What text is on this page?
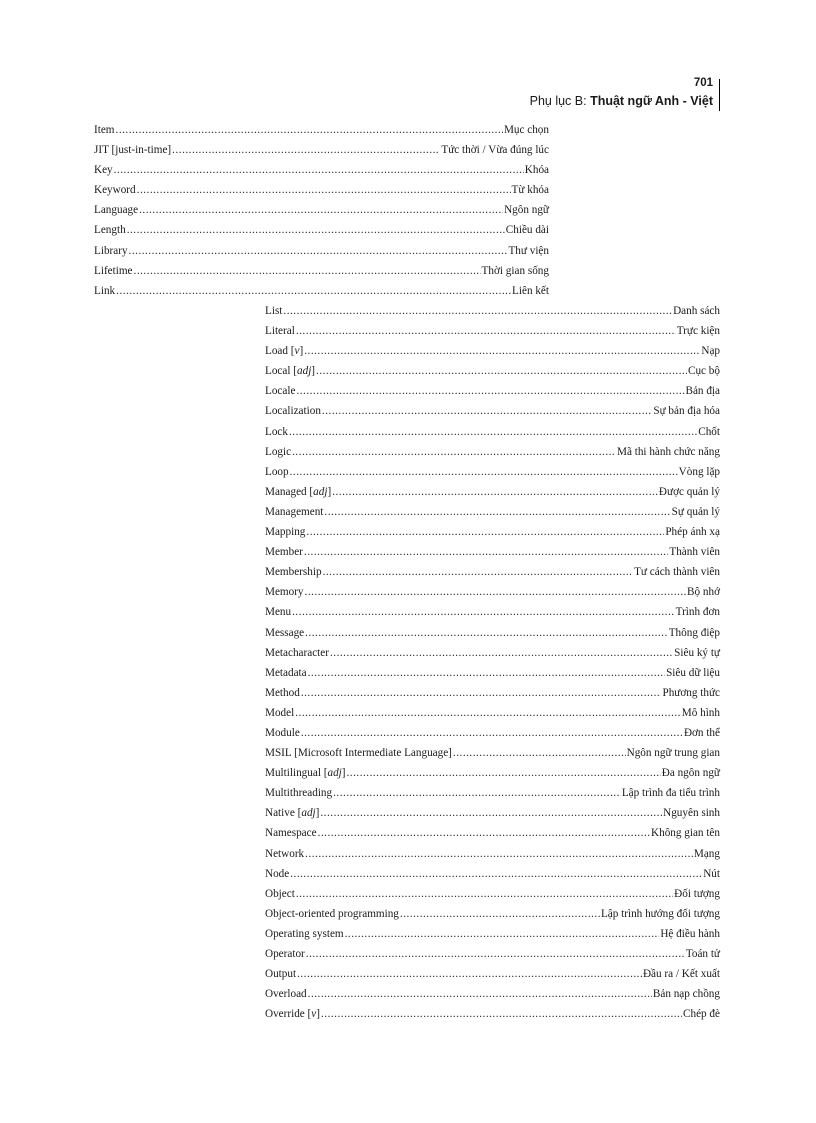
701
Phụ lục B: Thuật ngữ Anh - Việt
Item .....	Mục chọn
JIT [just-in-time] .....	Tức thời / Vừa đúng lúc
Key .....	Khóa
Keyword .....	Từ khóa
Language .....	Ngôn ngữ
Length .....	Chiều dài
Library .....	Thư viện
Lifetime .....	Thời gian sống
Link .....	Liên kết
List .....	Danh sách
Literal .....	Trực kiện
Load [v] .....	Nạp
Local [adj] .....	Cục bộ
Locale .....	Bản địa
Localization .....	Sự bản địa hóa
Lock .....	Chốt
Logic .....	Mã thi hành chức năng
Loop .....	Vòng lặp
Managed [adj] .....	Được quản lý
Management .....	Sự quản lý
Mapping .....	Phép ánh xạ
Member .....	Thành viên
Membership .....	Tư cách thành viên
Memory .....	Bộ nhớ
Menu .....	Trình đơn
Message .....	Thông điệp
Metacharacter .....	Siêu ký tự
Metadata .....	Siêu dữ liệu
Method .....	Phương thức
Model .....	Mô hình
Module .....	Đơn thể
MSIL [Microsoft Intermediate Language] .....	Ngôn ngữ trung gian
Multilingual [adj] .....	Đa ngôn ngữ
Multithreading .....	Lập trình đa tiểu trình
Native [adj] .....	Nguyên sinh
Namespace .....	Không gian tên
Network .....	Mạng
Node .....	Nút
Object .....	Đối tượng
Object-oriented programming .....	Lập trình hướng đối tượng
Operating system .....	Hệ điều hành
Operator .....	Toán tử
Output .....	Đầu ra / Kết xuất
Overload .....	Bản nạp chồng
Override [v] .....	Chép đè
